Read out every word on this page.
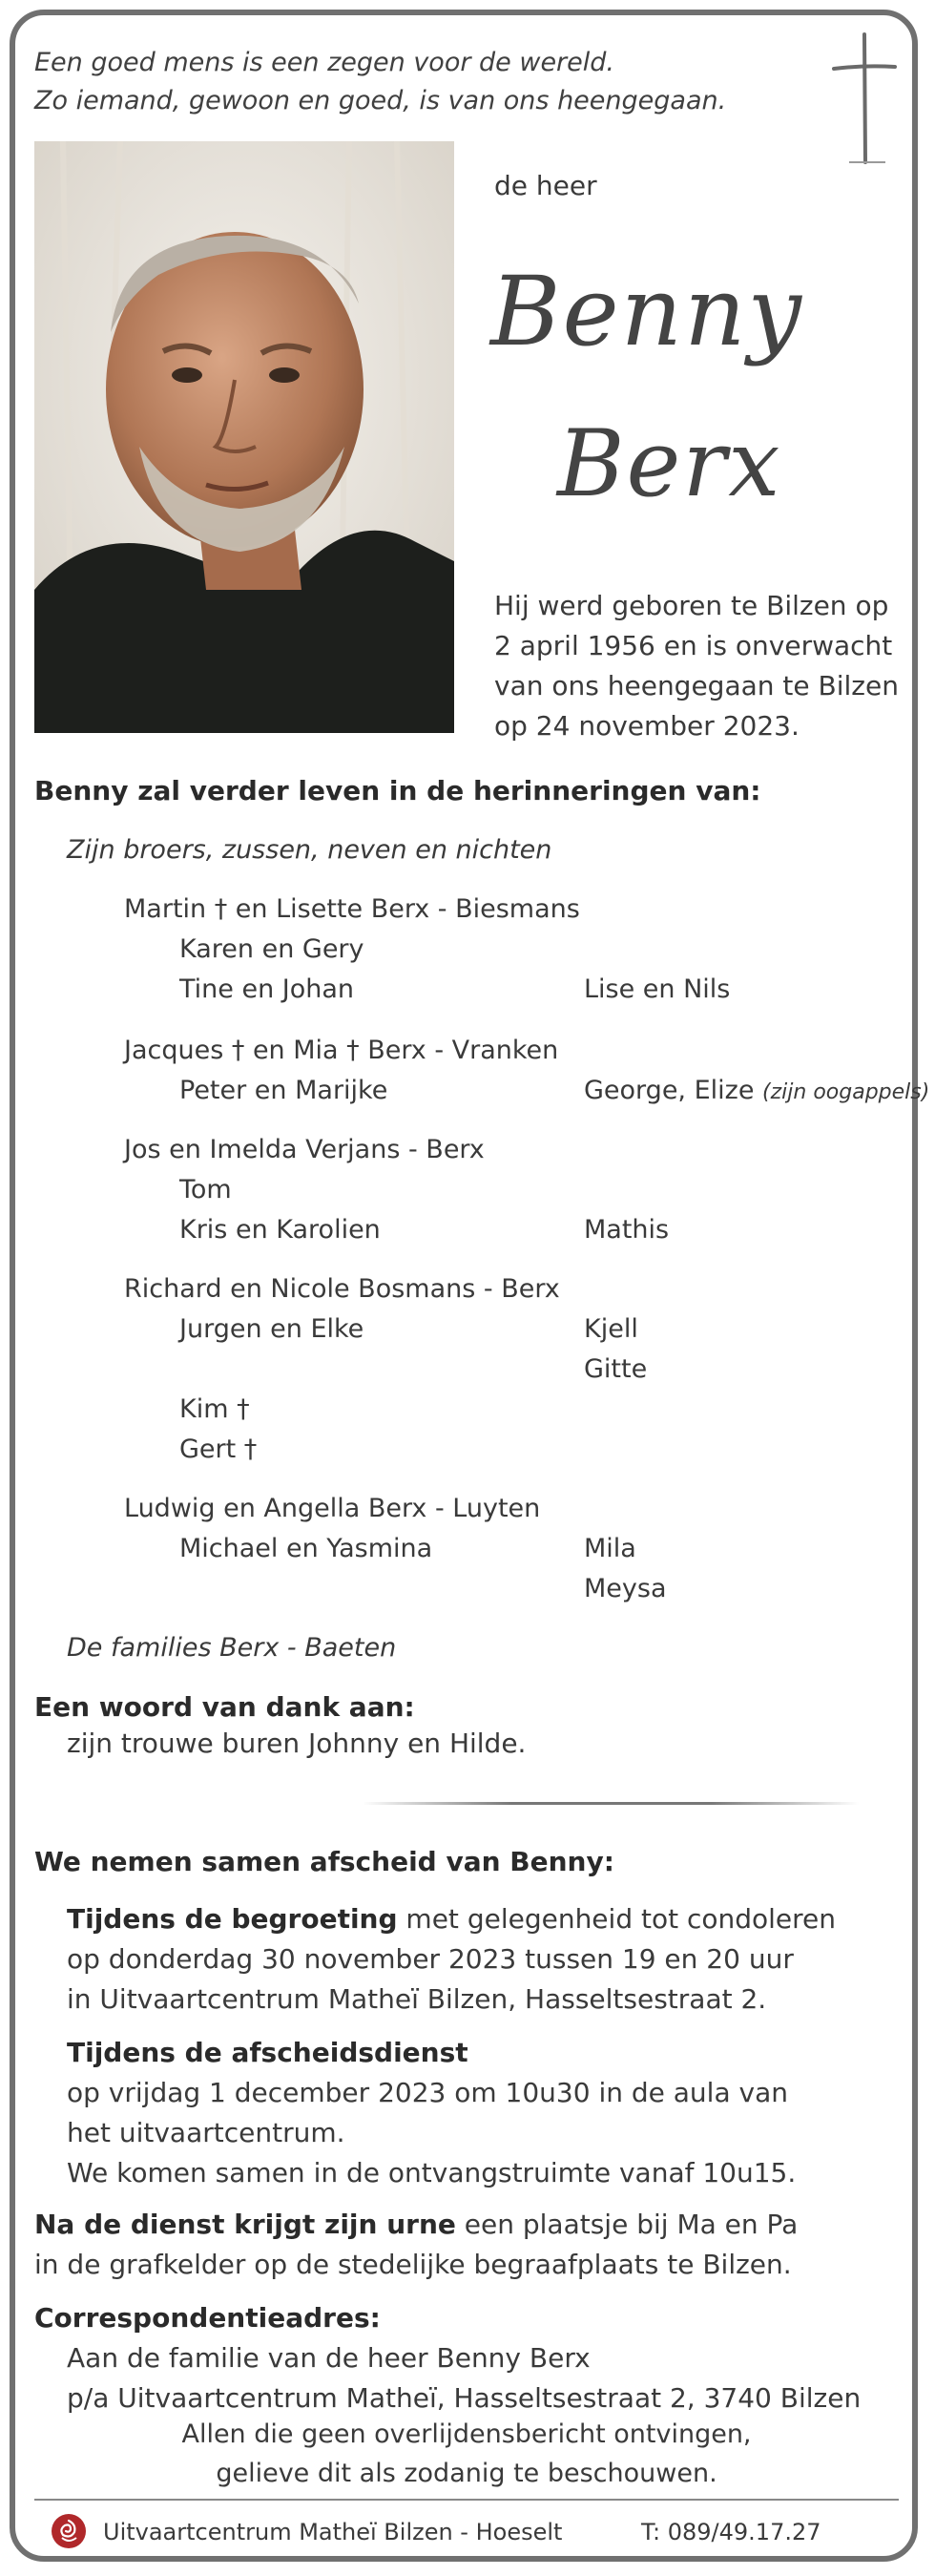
Een goed mens is een zegen voor de wereld.
Zo iemand, gewoon en goed, is van ons heengegaan.
de heer
Benny
Berx
Hij werd geboren te Bilzen op
2 april 1956 en is onverwacht
van ons heengegaan te Bilzen
op 24 november 2023.
Benny zal verder leven in de herinneringen van:
Zijn broers, zussen, neven en nichten
Martin † en Lisette Berx - Biesmans
Karen en Gery
Tine en Johan	Lise en Nils
Jacques † en Mia † Berx - Vranken
Peter en Marijke	George, Elize (zijn oogappels)
Jos en Imelda Verjans - Berx
Tom
Kris en Karolien	Mathis
Richard en Nicole Bosmans - Berx
Jurgen en Elke	Kjell
Gitte
Kim †
Gert †
Ludwig en Angella Berx - Luyten
Michael en Yasmina	Mila
Meysa
De families Berx - Baeten
Een woord van dank aan:
zijn trouwe buren Johnny en Hilde.
We nemen samen afscheid van Benny:
Tijdens de begroeting met gelegenheid tot condoleren
op donderdag 30 november 2023 tussen 19 en 20 uur
in Uitvaartcentrum Matheï Bilzen, Hasseltsestraat 2.
Tijdens de afscheidsdienst
op vrijdag 1 december 2023 om 10u30 in de aula van
het uitvaartcentrum.
We komen samen in de ontvangstruimte vanaf 10u15.
Na de dienst krijgt zijn urne een plaatsje bij Ma en Pa
in de grafkelder op de stedelijke begraafplaats te Bilzen.
Correspondentieadres:
Aan de familie van de heer Benny Berx
p/a Uitvaartcentrum Matheï, Hasseltsestraat 2, 3740 Bilzen
Allen die geen overlijdensbericht ontvingen,
gelieve dit als zodanig te beschouwen.
Uitvaartcentrum Matheï Bilzen - Hoeselt	T: 089/49.17.27
